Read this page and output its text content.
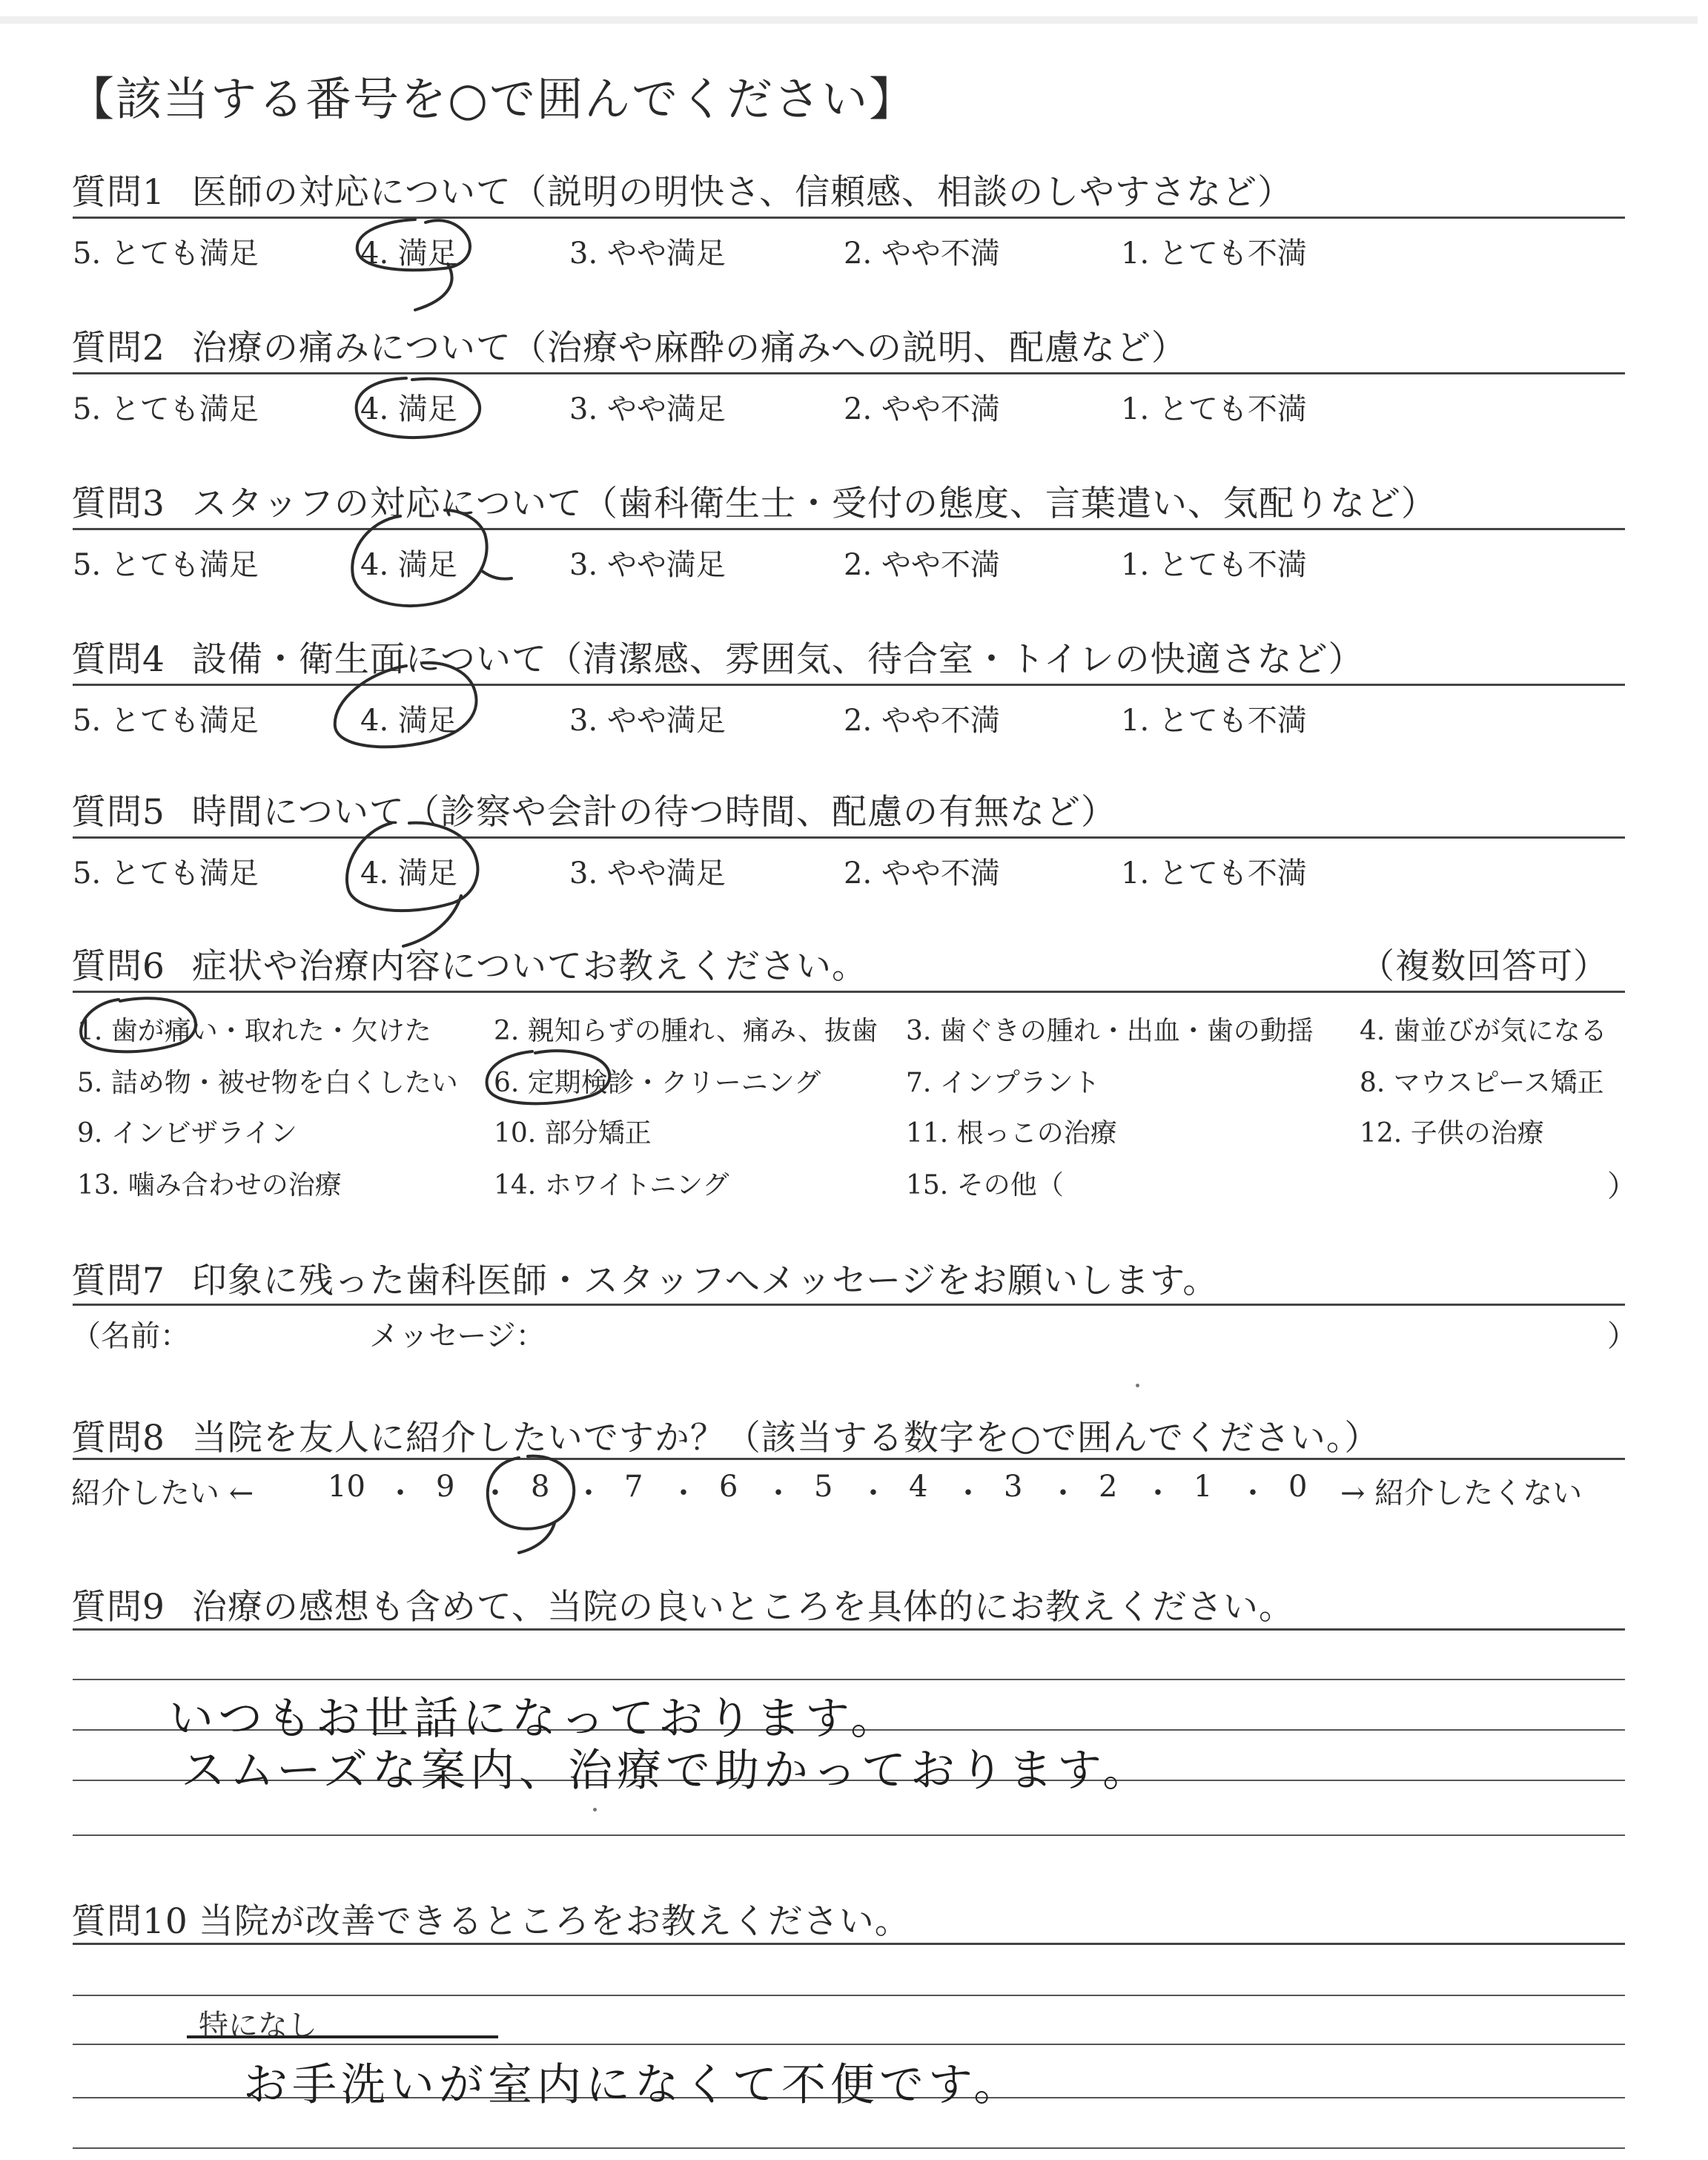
【該当する番号を○で囲んでください】
質問1 医師の対応について（説明の明快さ、信頼感、相談のしやすさなど）
5. とても満足	4. 満足	3. やや満足	2. やや不満	1. とても不満
質問2 治療の痛みについて（治療や麻酔の痛みへの説明、配慮など）
5. とても満足	4. 満足	3. やや満足	2. やや不満	1. とても不満
質問3 スタッフの対応について（歯科衛生士・受付の態度、言葉遣い、気配りなど）
5. とても満足	4. 満足	3. やや満足	2. やや不満	1. とても不満
質問4 設備・衛生面について（清潔感、雰囲気、待合室・トイレの快適さなど）
5. とても満足	4. 満足	3. やや満足	2. やや不満	1. とても不満
質問5 時間について（診察や会計の待つ時間、配慮の有無など）
5. とても満足	4. 満足	3. やや満足	2. やや不満	1. とても不満
質問6 症状や治療内容についてお教えください。	（複数回答可）
1. 歯が痛い・取れた・欠けた 2. 親知らずの腫れ、痛み、抜歯 3. 歯ぐきの腫れ・出血・歯の動揺 4. 歯並びが気になる
5. 詰め物・被せ物を白くしたい 6. 定期検診・クリーニング	7. インプラント	8. マウスピース矯正
9. インビザライン	10. 部分矯正	11. 根っこの治療	12. 子供の治療
13. 噛み合わせの治療	14. ホワイトニング	15. その他（	）
質問7 印象に残った歯科医師・スタッフへメッセージをお願いします。
（名前：	メッセージ：	）
質問8 当院を友人に紹介したいですか？（該当する数字を○で囲んでください。）
紹介したい ← 10 ・ 9 ・ 8 ・ 7 ・ 6 ・ 5 ・ 4 ・ 3 ・ 2 ・ 1 ・ 0 → 紹介したくない
質問9 治療の感想も含めて、当院の良いところを具体的にお教えください。
いつもお世話になっております。
スムーズな案内、治療で助かっております。
質問10 当院が改善できるところをお教えください。
特になし
お手洗いが室内になくて不便です。
